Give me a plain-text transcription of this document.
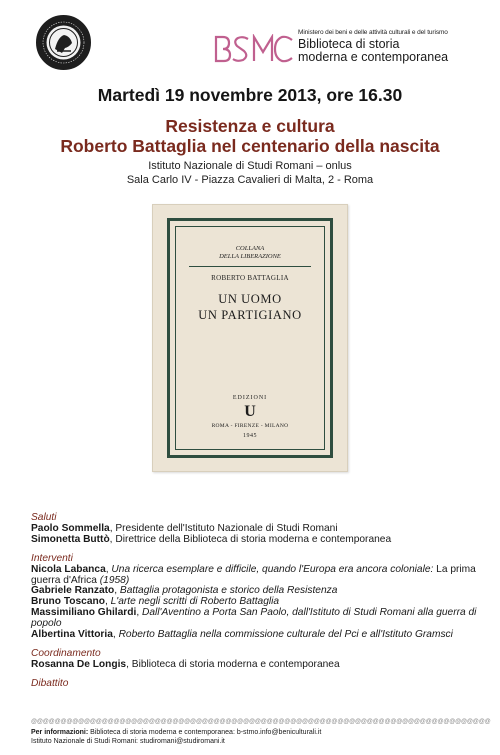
Ministero dei beni e delle attività culturali e del turismo
Biblioteca di storia
moderna e contemporanea
Martedì 19 novembre 2013, ore 16.30
Resistenza e cultura
Roberto Battaglia nel centenario della nascita
Istituto Nazionale di Studi Romani – onlus
Sala Carlo IV - Piazza Cavalieri di Malta, 2 - Roma
COLLANA
DELLA LIBERAZIONE
ROBERTO BATTAGLIA
UN UOMO
UN PARTIGIANO
EDIZIONI
U
ROMA - FIRENZE - MILANO
1945
Saluti
Paolo Sommella, Presidente dell'Istituto Nazionale di Studi Romani
Simonetta Buttò, Direttrice della Biblioteca di storia moderna e contemporanea
Interventi
Nicola Labanca, Una ricerca esemplare e difficile, quando l'Europa era ancora coloniale: La prima guerra d'Africa (1958)
Gabriele Ranzato, Battaglia protagonista e storico della Resistenza
Bruno Toscano, L'arte negli scritti di Roberto Battaglia
Massimiliano Ghilardi, Dall'Aventino a Porta San Paolo, dall'Istituto di Studi Romani alla guerra di popolo
Albertina Vittoria, Roberto Battaglia nella commissione culturale del Pci e all'Istituto Gramsci
Coordinamento
Rosanna De Longis, Biblioteca di storia moderna e contemporanea
Dibattito
@@@@@@@@@@@@@@@@@@@@@@@@@@@@@@@@@@@@@@@@@@@@@@@@@@@@@@@@@@@@@@@@@@@@@@@@@@@@@@
Per informazioni: Biblioteca di storia moderna e contemporanea: b-stmo.info@beniculturali.it
Istituto Nazionale di Studi Romani: studiromani@studiromani.it
